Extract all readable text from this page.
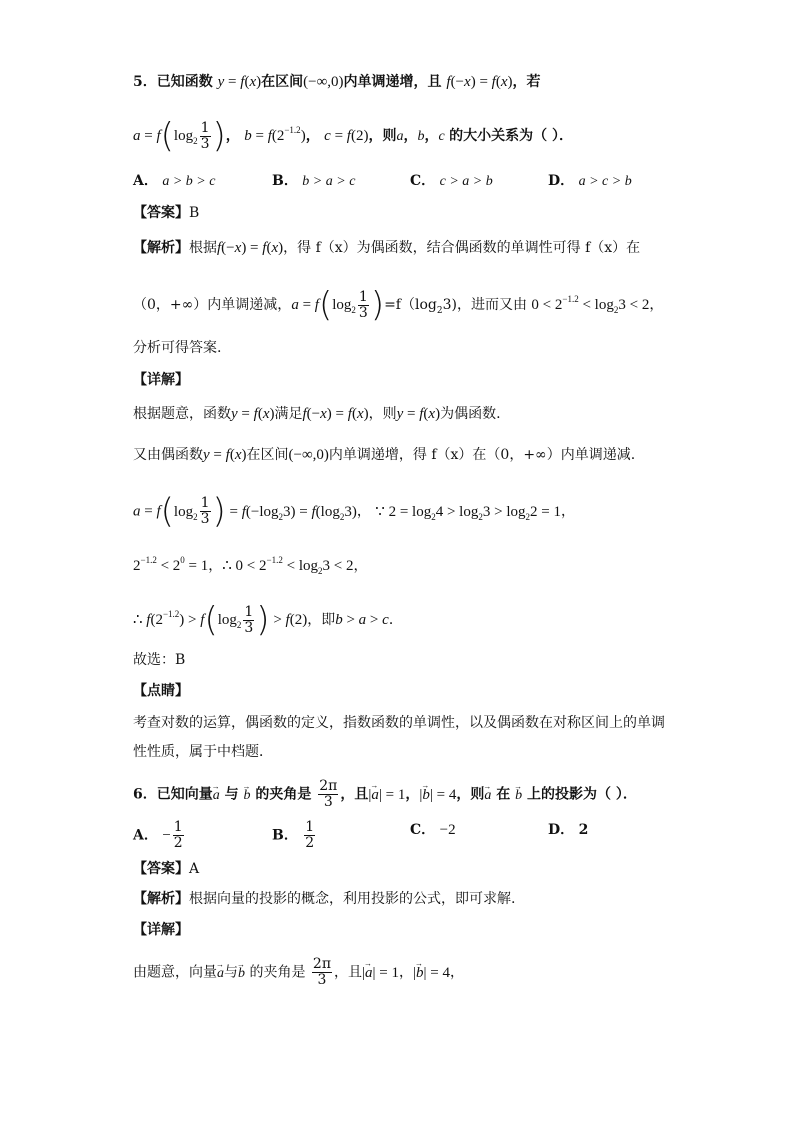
5．已知函数 y = f(x)在区间(−∞,0)内单调递增，且 f(−x) = f(x)，若
$a = f(\log_2 \frac{1}{3}$ )， $b = f(2^{-1.2})$， c = f(2)，则a，b，c 的大小关系为（ ）．
A． a > b > c	B． b > a > c	C． c > a > b	D． a > c > b
【答案】B
【解析】根据f(−x) = f(x)，得 f（x）为偶函数，结合偶函数的单调性可得 f（x）在
（0，+∞）内单调递减，$a = f(\log_2 \frac{1}{3} )=f(\log_23)$，进而又由 $0 < 2^{-1.2} < \log_23 < 2$，
分析可得答案.
【详解】
根据题意，函数y = f(x)满足f(−x) = f(x)，则y = f(x)为偶函数.
又由偶函数y = f(x)在区间(−∞,0)内单调递增，得 f（x）在（0，+∞）内单调递减.
$a = f(\log_2 \frac{1}{3}$ ) = $f(-\log_23) = f(\log_23)$， ∵ $2 = \log_24 > \log_23 > \log_22 = 1$，
$2^{-1.2} < 2^0 = 1$，∴ $0 < 2^{-1.2} < \log_23 < 2$，
∴ $f(2^{-1.2}) > f(\log_2 \frac{1}{3}$ ) > f(2)，即b > a > c．
故选：B
【点睛】
考查对数的运算，偶函数的定义，指数函数的单调性，以及偶函数在对称区间上的单调
性性质，属于中档题．
6．已知向量→ a 与 → b 的夹角是 $\frac{2\pi}{3}$ ，且|→ a| = 1，|→ b| = 4，则→ a 在 → b 上的投影为（ ）．
A． − $\frac{1}{2}$	B． $\frac{1}{2}$	C． −2	D． 2
【答案】A
【解析】根据向量的投影的概念，利用投影的公式，即可求解.
【详解】
由题意，向量→ a与→ b 的夹角是 $\frac{2\pi}{3}$ ，且|→ a| = 1，|→ b| = 4，
